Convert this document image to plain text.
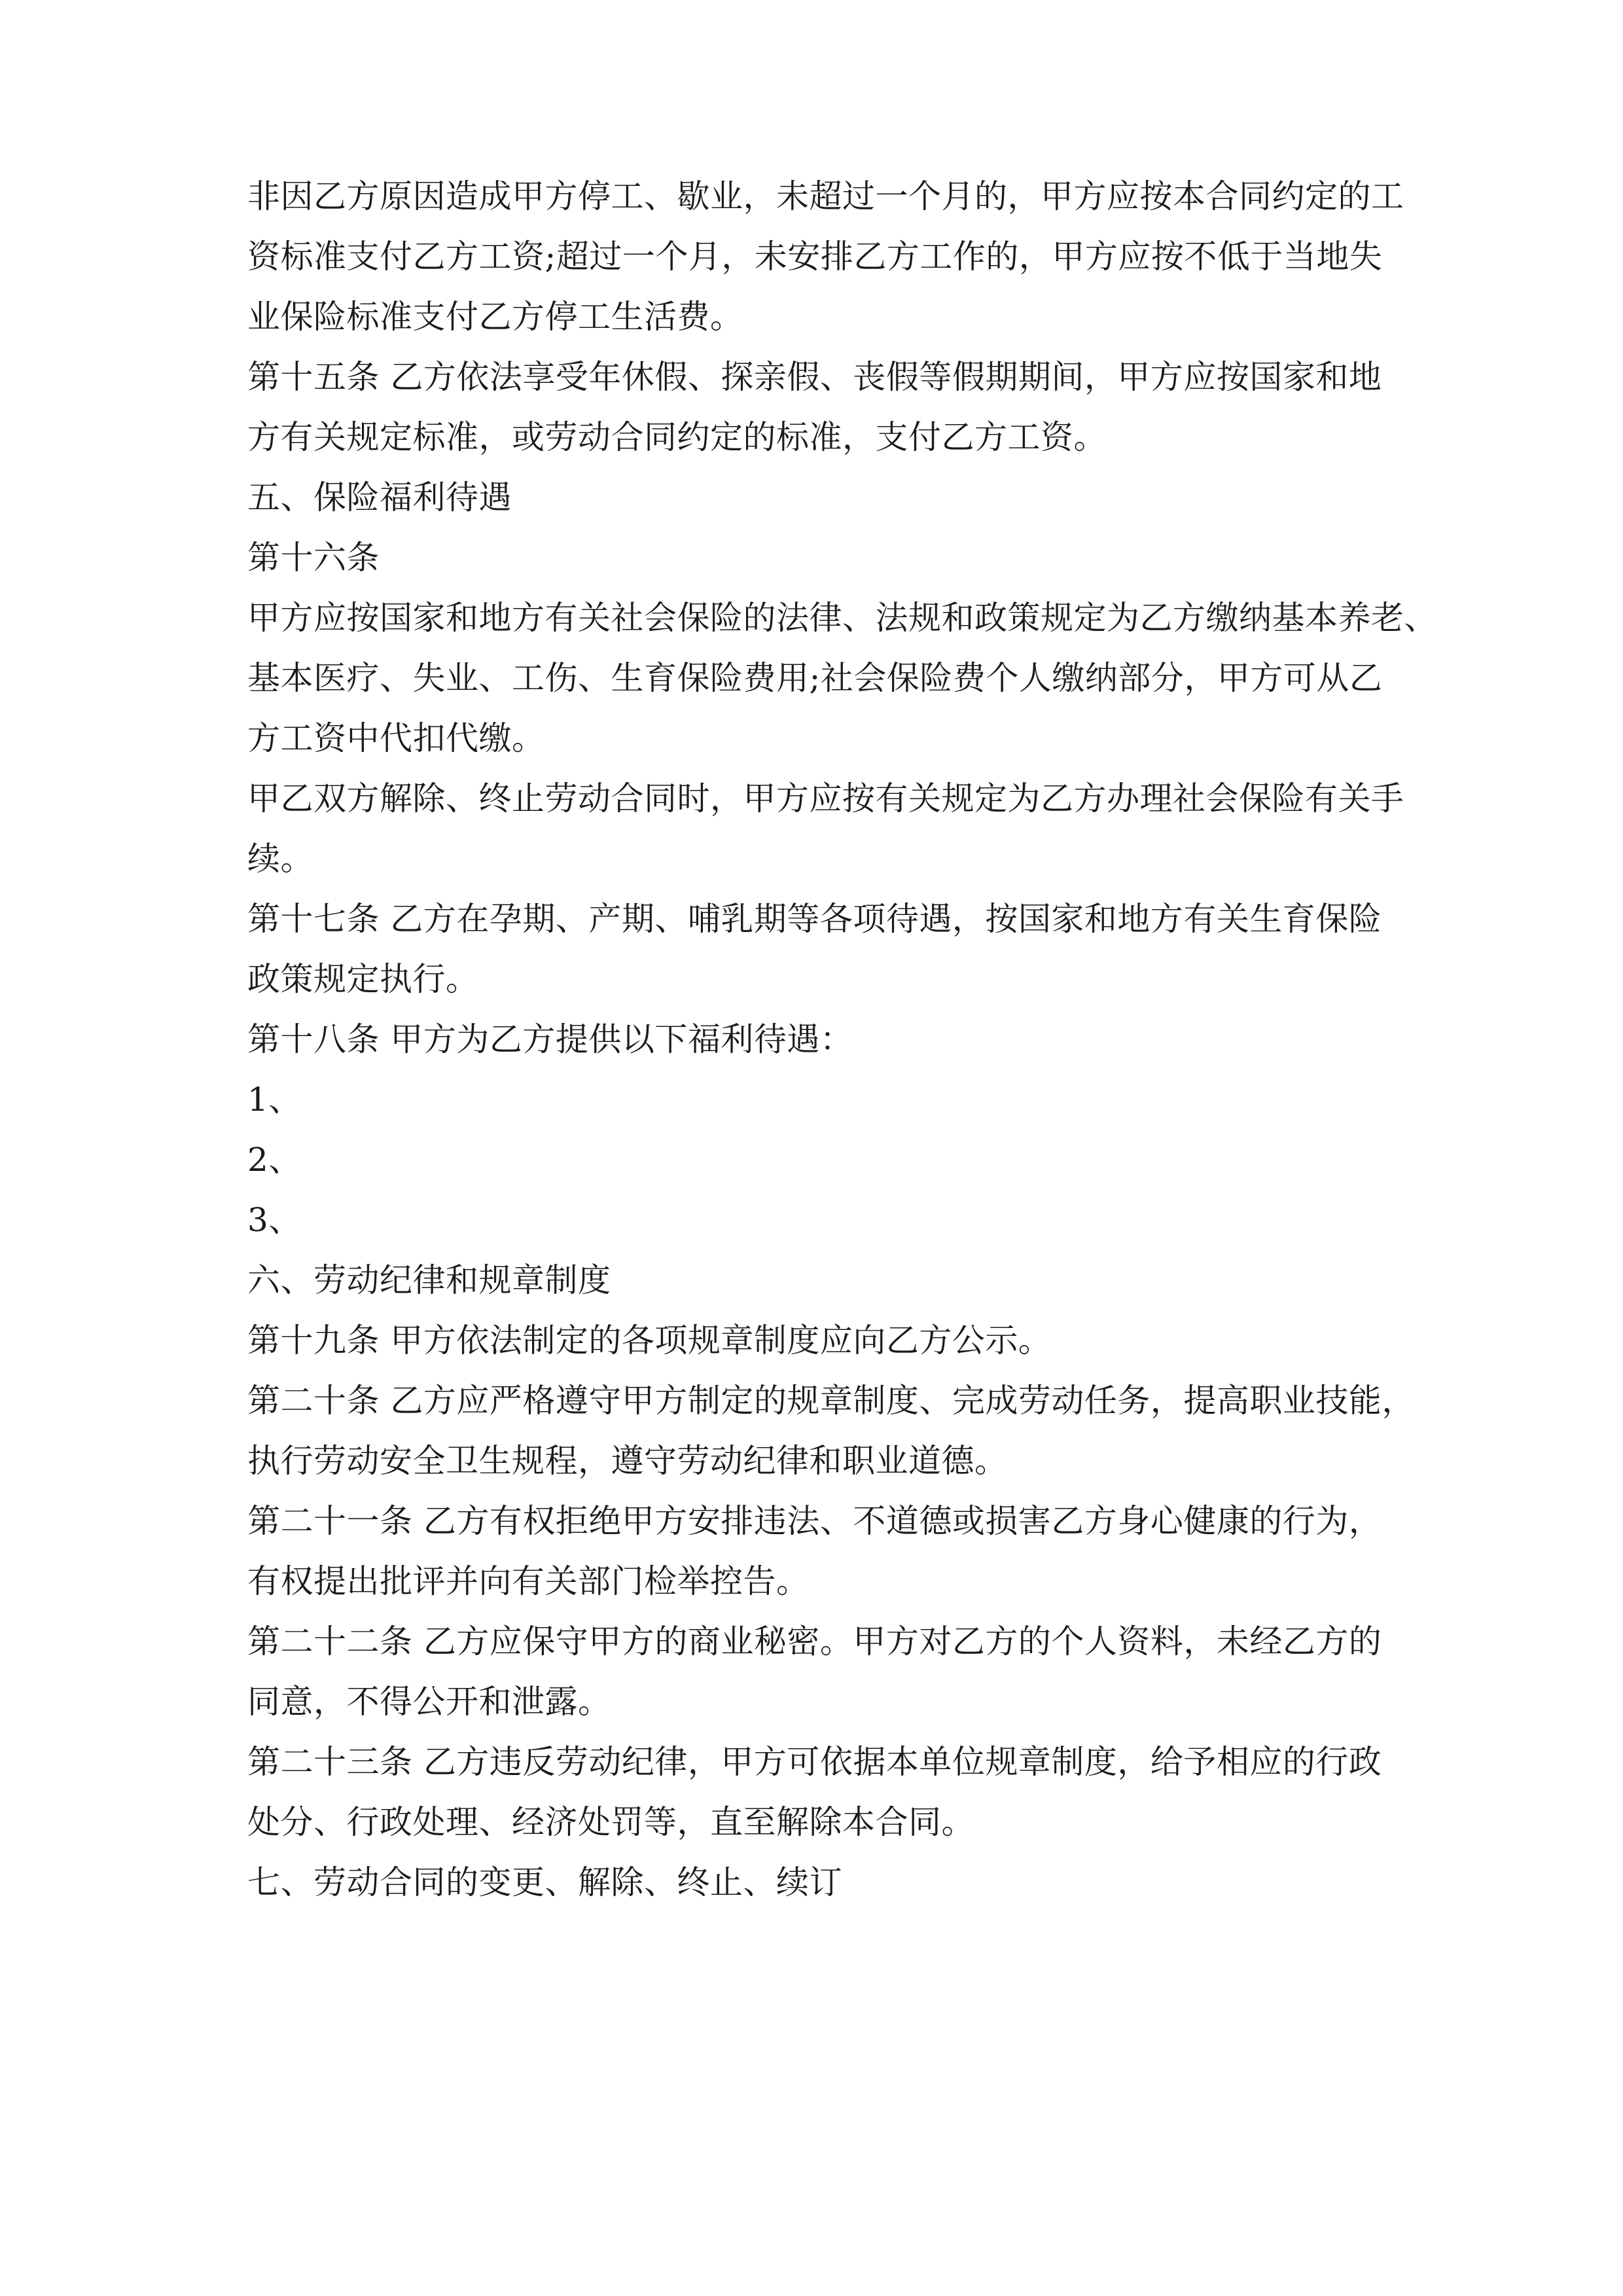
非因乙方原因造成甲方停工、歇业，未超过一个月的，甲方应按本合同约定的工
资标准支付乙方工资;超过一个月，未安排乙方工作的，甲方应按不低于当地失
业保险标准支付乙方停工生活费。
第十五条 乙方依法享受年休假、探亲假、丧假等假期期间，甲方应按国家和地
方有关规定标准，或劳动合同约定的标准，支付乙方工资。
五、保险福利待遇
第十六条
甲方应按国家和地方有关社会保险的法律、法规和政策规定为乙方缴纳基本养老、
基本医疗、失业、工伤、生育保险费用;社会保险费个人缴纳部分，甲方可从乙
方工资中代扣代缴。
甲乙双方解除、终止劳动合同时，甲方应按有关规定为乙方办理社会保险有关手
续。
第十七条 乙方在孕期、产期、哺乳期等各项待遇，按国家和地方有关生育保险
政策规定执行。
第十八条 甲方为乙方提供以下福利待遇：
1、
2、
3、
六、劳动纪律和规章制度
第十九条 甲方依法制定的各项规章制度应向乙方公示。
第二十条 乙方应严格遵守甲方制定的规章制度、完成劳动任务，提高职业技能，
执行劳动安全卫生规程，遵守劳动纪律和职业道德。
第二十一条 乙方有权拒绝甲方安排违法、不道德或损害乙方身心健康的行为，
有权提出批评并向有关部门检举控告。
第二十二条 乙方应保守甲方的商业秘密。甲方对乙方的个人资料，未经乙方的
同意，不得公开和泄露。
第二十三条 乙方违反劳动纪律，甲方可依据本单位规章制度，给予相应的行政
处分、行政处理、经济处罚等，直至解除本合同。
七、劳动合同的变更、解除、终止、续订
